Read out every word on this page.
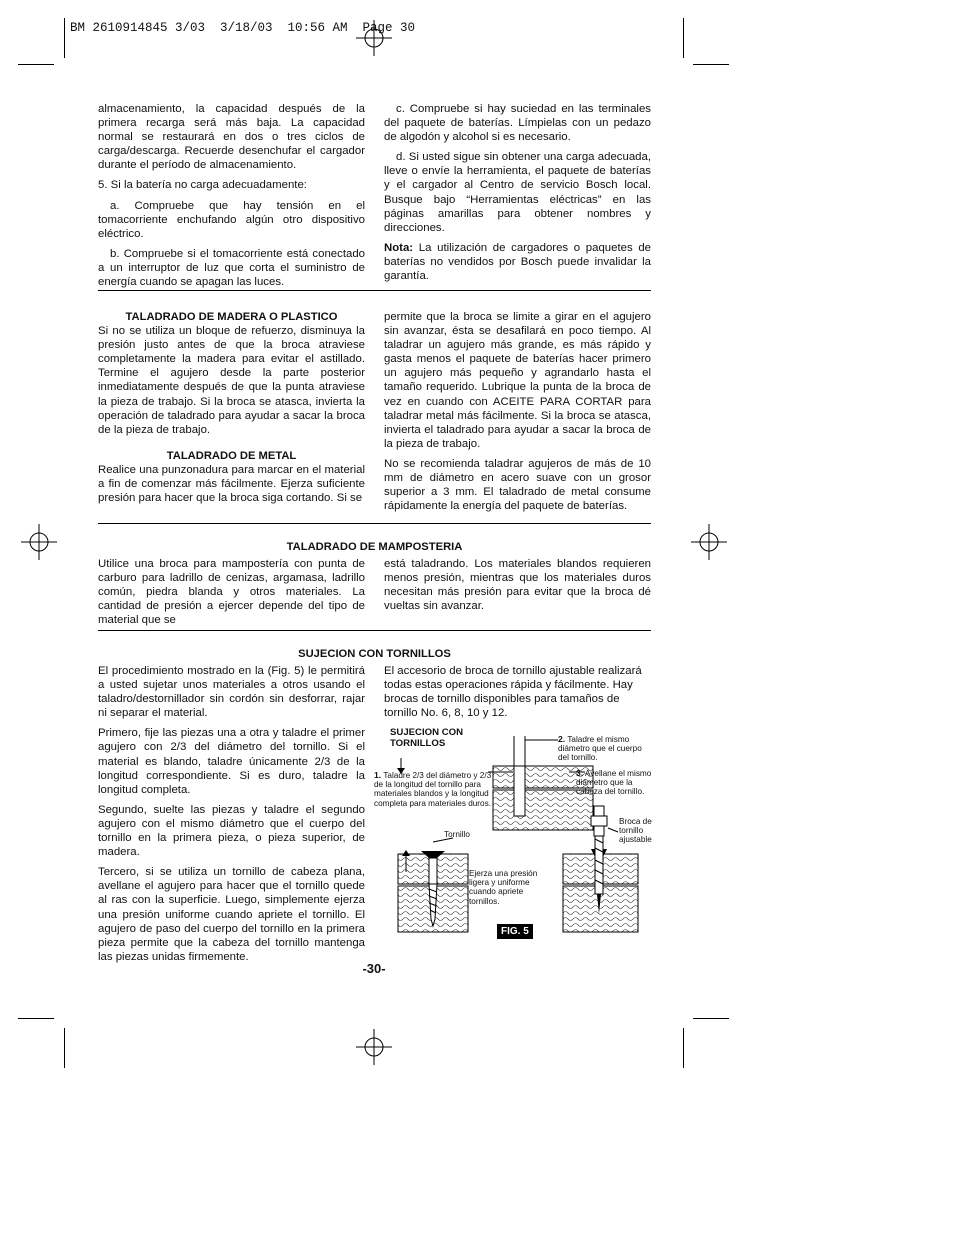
BM 2610914845 3/03  3/18/03  10:56 AM  Page 30

almacenamiento, la capacidad después de la primera recarga será más baja. La capacidad normal se restaurará en dos o tres ciclos de carga/descarga. Recuerde desenchufar el cargador durante el período de almacenamiento.

5. Si la batería no carga adecuadamente:

a. Compruebe que hay tensión en el tomacorriente enchufando algún otro dispositivo eléctrico.

b. Compruebe si el tomacorriente está conectado a un interruptor de luz que corta el suministro de energía cuando se apagan las luces.

c. Compruebe si hay suciedad en las terminales del paquete de baterías. Límpielas con un pedazo de algodón y alcohol si es necesario.

d. Si usted sigue sin obtener una carga adecuada, lleve o envíe la herramienta, el paquete de baterías y el cargador al Centro de servicio Bosch local. Busque bajo “Herramientas eléctricas” en las páginas amarillas para obtener nombres y direcciones.

Nota: La utilización de cargadores o paquetes de baterías no vendidos por Bosch puede invalidar la garantía.

TALADRADO DE MADERA O PLASTICO

Si no se utiliza un bloque de refuerzo, disminuya la presión justo antes de que la broca atraviese completamente la madera para evitar el astillado. Termine el agujero desde la parte posterior inmediatamente después de que la punta atraviese la pieza de trabajo. Si la broca se atasca, invierta la operación de taladrado para ayudar a sacar la broca de la pieza de trabajo.

TALADRADO DE METAL

Realice una punzonadura para marcar en el material a fin de comenzar más fácilmente. Ejerza suficiente presión para hacer que la broca siga cortando. Si se

permite que la broca se limite a girar en el agujero sin avanzar, ésta se desafilará en poco tiempo. Al taladrar un agujero más grande, es más rápido y gasta menos el paquete de baterías hacer primero un agujero más pequeño y agrandarlo hasta el tamaño requerido. Lubrique la punta de la broca de vez en cuando con ACEITE PARA CORTAR para taladrar metal más fácilmente. Si la broca se atasca, invierta el taladrado para ayudar a sacar la broca de la pieza de trabajo.

No se recomienda taladrar agujeros de más de 10 mm de diámetro en acero suave con un grosor superior a 3 mm. El taladrado de metal consume rápidamente la energía del paquete de baterías.

TALADRADO DE MAMPOSTERIA

Utilice una broca para mampostería con punta de carburo para ladrillo de cenizas, argamasa, ladrillo común, piedra blanda y otros materiales. La cantidad de presión a ejercer depende del tipo de material que se

está taladrando. Los materiales blandos requieren menos presión, mientras que los materiales duros necesitan más presión para evitar que la broca dé vueltas sin avanzar.

SUJECION CON TORNILLOS

El procedimiento mostrado en la (Fig. 5) le permitirá a usted sujetar unos materiales a otros usando el taladro/destornillador sin cordón sin desforrar, rajar ni separar el material.

Primero, fije las piezas una a otra y taladre el primer agujero con 2/3 del diámetro del tornillo. Si el material es blando, taladre únicamente 2/3 de la longitud correspondiente. Si es duro, taladre la longitud completa.

Segundo, suelte las piezas y taladre el segundo agujero con el mismo diámetro que el cuerpo del tornillo en la primera pieza, o pieza superior, de madera.

Tercero, si se utiliza un tornillo de cabeza plana, avellane el agujero para hacer que el tornillo quede al ras con la superficie. Luego, simplemente ejerza una presión uniforme cuando apriete el tornillo. El agujero de paso del cuerpo del tornillo en la primera pieza permite que la cabeza del tornillo mantenga las piezas unidas firmemente.

El accesorio de broca de tornillo ajustable realizará todas estas operaciones rápida y fácilmente. Hay brocas de tornillo disponibles para tamaños de tornillo No. 6, 8, 10 y 12.

SUJECION CON
TORNILLOS
1. Taladre 2/3 del diámetro y 2/3 de la longitud del tornillo para materiales blandos y la longitud completa para materiales duros.
2. Taladre el mismo diámetro que el cuerpo del tornillo.
3. Avellane el mismo diámetro que la cabeza del tornillo.
Tornillo
Ejerza una presión ligera y uniforme cuando apriete tornillos.
Broca de tornillo ajustable
FIG. 5
-30-
